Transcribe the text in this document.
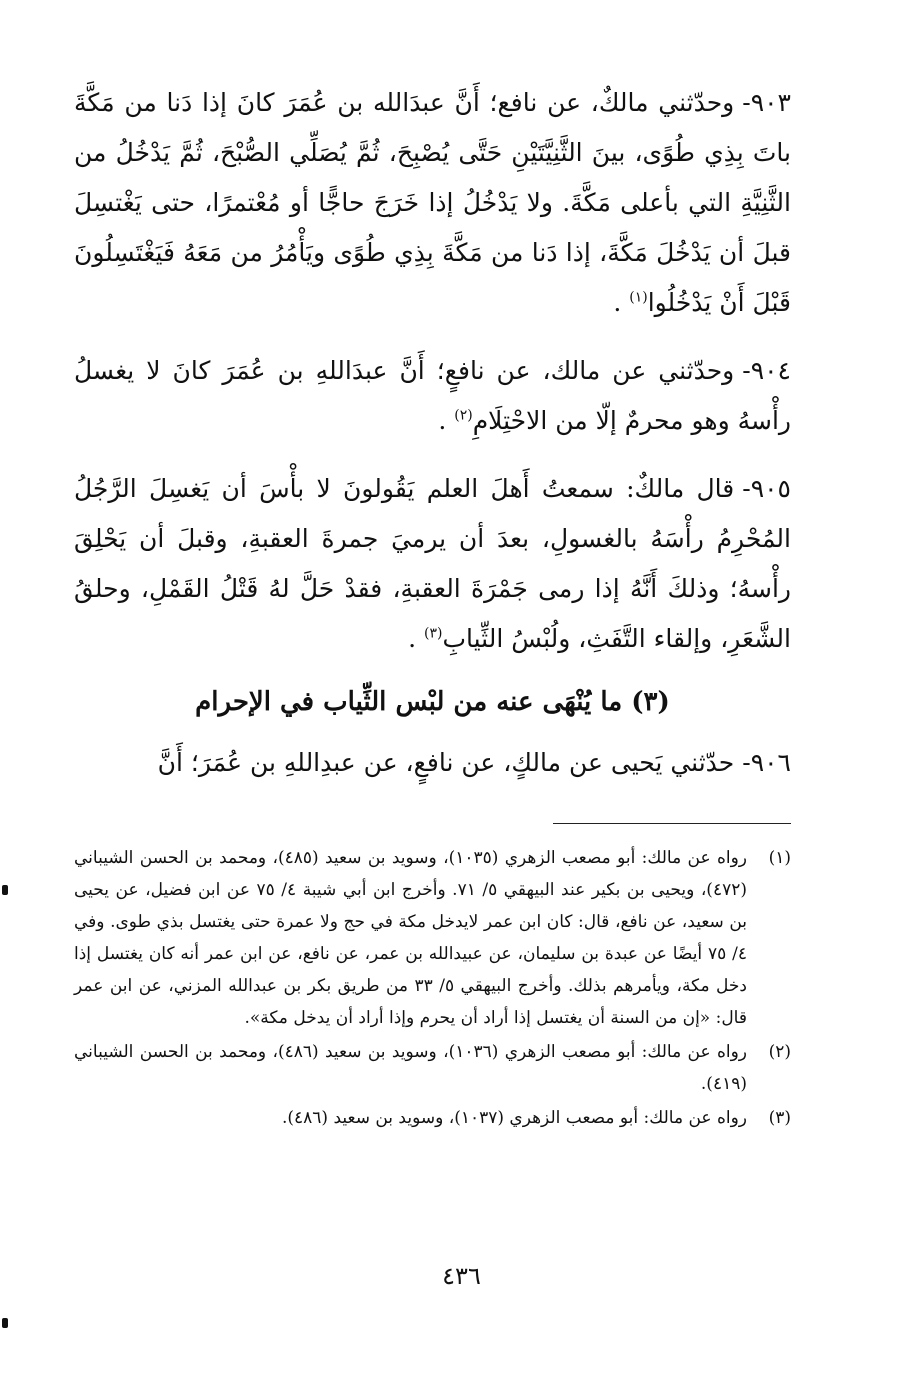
٩٠٣-وحدّثني مالكٌ، عن نافع؛ أَنَّ عبدَالله بن عُمَرَ كانَ إذا دَنا من مَكَّةَ باتَ بِذِي طُوًى، بينَ الثَّنِيَّتَيْنِ حَتَّى يُصْبِحَ، ثُمَّ يُصَلِّي الصُّبْحَ، ثُمَّ يَدْخُلُ من الثَّنِيَّةِ التي بأعلى مَكَّةَ. ولا يَدْخُلُ إذا خَرَجَ حاجًّا أو مُعْتمرًا، حتى يَغْتسِلَ قبلَ أن يَدْخُلَ مَكَّةَ، إذا دَنا من مَكَّةَ بِذِي طُوًى ويَأْمُرُ من مَعَهُ فَيَغْتَسِلُونَ قَبْلَ أَنْ يَدْخُلُوا$^{(١)}$ .

٩٠٤-وحدّثني عن مالك، عن نافعٍ؛ أَنَّ عبدَاللهِ بن عُمَرَ كانَ لا يغسلُ رأْسهُ وهو محرمٌ إلّا من الاحْتِلَامِ$^{(٢)}$ .

٩٠٥-قال مالكٌ: سمعتُ أَهلَ العلم يَقُولونَ لا بأْسَ أن يَغسِلَ الرَّجُلُ المُحْرِمُ رأْسَهُ بالغسولِ، بعدَ أن يرميَ جمرةَ العقبةِ، وقبلَ أن يَحْلِقَ رأْسهُ؛ وذلكَ أَنَّهُ إذا رمى جَمْرَةَ العقبةِ، فقدْ حَلَّ لهُ قَتْلُ القَمْلِ، وحلقُ الشَّعَرِ، وإلقاء التَّفَثِ، ولُبْسُ الثِّيابِ$^{(٣)}$ .

(٣) ما يُنْهَى عنه من لبْس الثِّياب في الإحرام

٩٠٦-حدّثني يَحيى عن مالكٍ، عن نافعٍ، عن عبدِاللهِ بن عُمَرَ؛ أَنَّ

(١)
رواه عن مالك: أبو مصعب الزهري (١٠٣٥)، وسويد بن سعيد (٤٨٥)، ومحمد بن الحسن الشيباني (٤٧٢)، ويحيى بن بكير عند البيهقي ٥/ ٧١. وأخرج ابن أبي شيبة ٤/ ٧٥ عن ابن فضيل، عن يحيى بن سعيد، عن نافع، قال: كان ابن عمر لايدخل مكة في حج ولا عمرة حتى يغتسل بذي طوى. وفي ٤/ ٧٥ أيضًا عن عبدة بن سليمان، عن عبيدالله بن عمر، عن نافع، عن ابن عمر أنه كان يغتسل إذا دخل مكة، ويأمرهم بذلك. وأخرج البيهقي ٥/ ٣٣ من طريق بكر بن عبدالله المزني، عن ابن عمر قال: «إن من السنة أن يغتسل إذا أراد أن يحرم وإذا أراد أن يدخل مكة».
(٢)
رواه عن مالك: أبو مصعب الزهري (١٠٣٦)، وسويد بن سعيد (٤٨٦)، ومحمد بن الحسن الشيباني (٤١٩).
(٣)
رواه عن مالك: أبو مصعب الزهري (١٠٣٧)، وسويد بن سعيد (٤٨٦).
٤٣٦
